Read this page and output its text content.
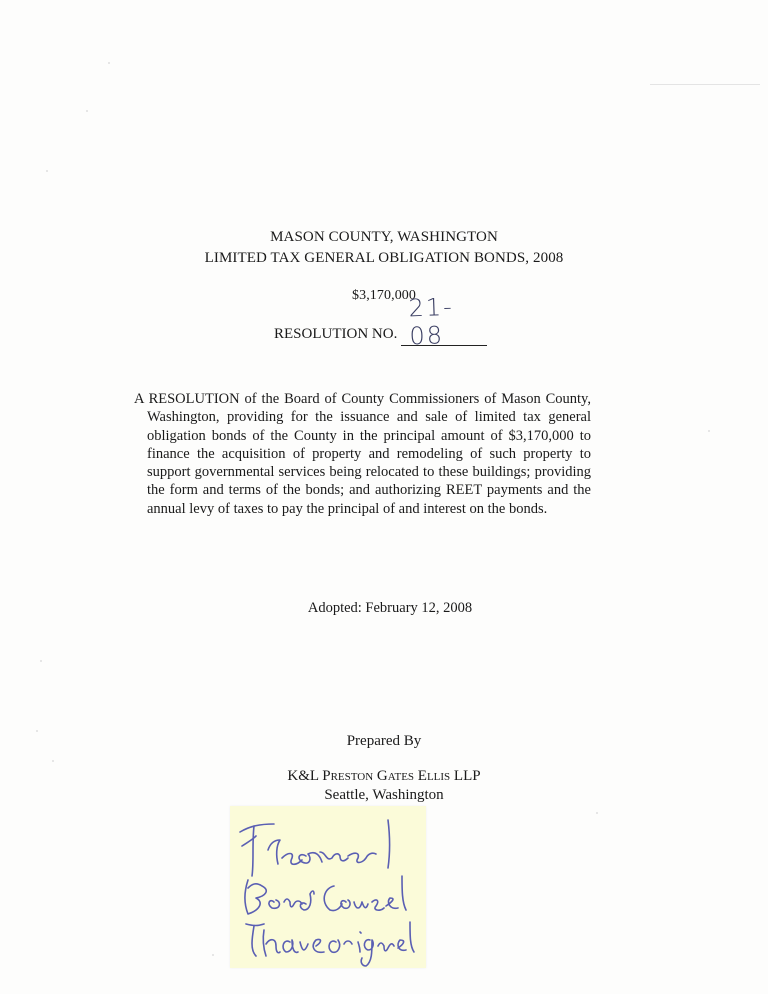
MASON COUNTY, WASHINGTON
LIMITED TAX GENERAL OBLIGATION BONDS, 2008
$3,170,000
RESOLUTION NO.
21-08
A RESOLUTION of the Board of County Commissioners of Mason County, Washington, providing for the issuance and sale of limited tax general obligation bonds of the County in the principal amount of $3,170,000 to finance the acquisition of property and remodeling of such property to support governmental services being relocated to these buildings; providing the form and terms of the bonds; and authorizing REET payments and the annual levy of taxes to pay the principal of and interest on the bonds.
Adopted: February 12, 2008
Prepared By
K&L Preston Gates Ellis LLP
Seattle, Washington
